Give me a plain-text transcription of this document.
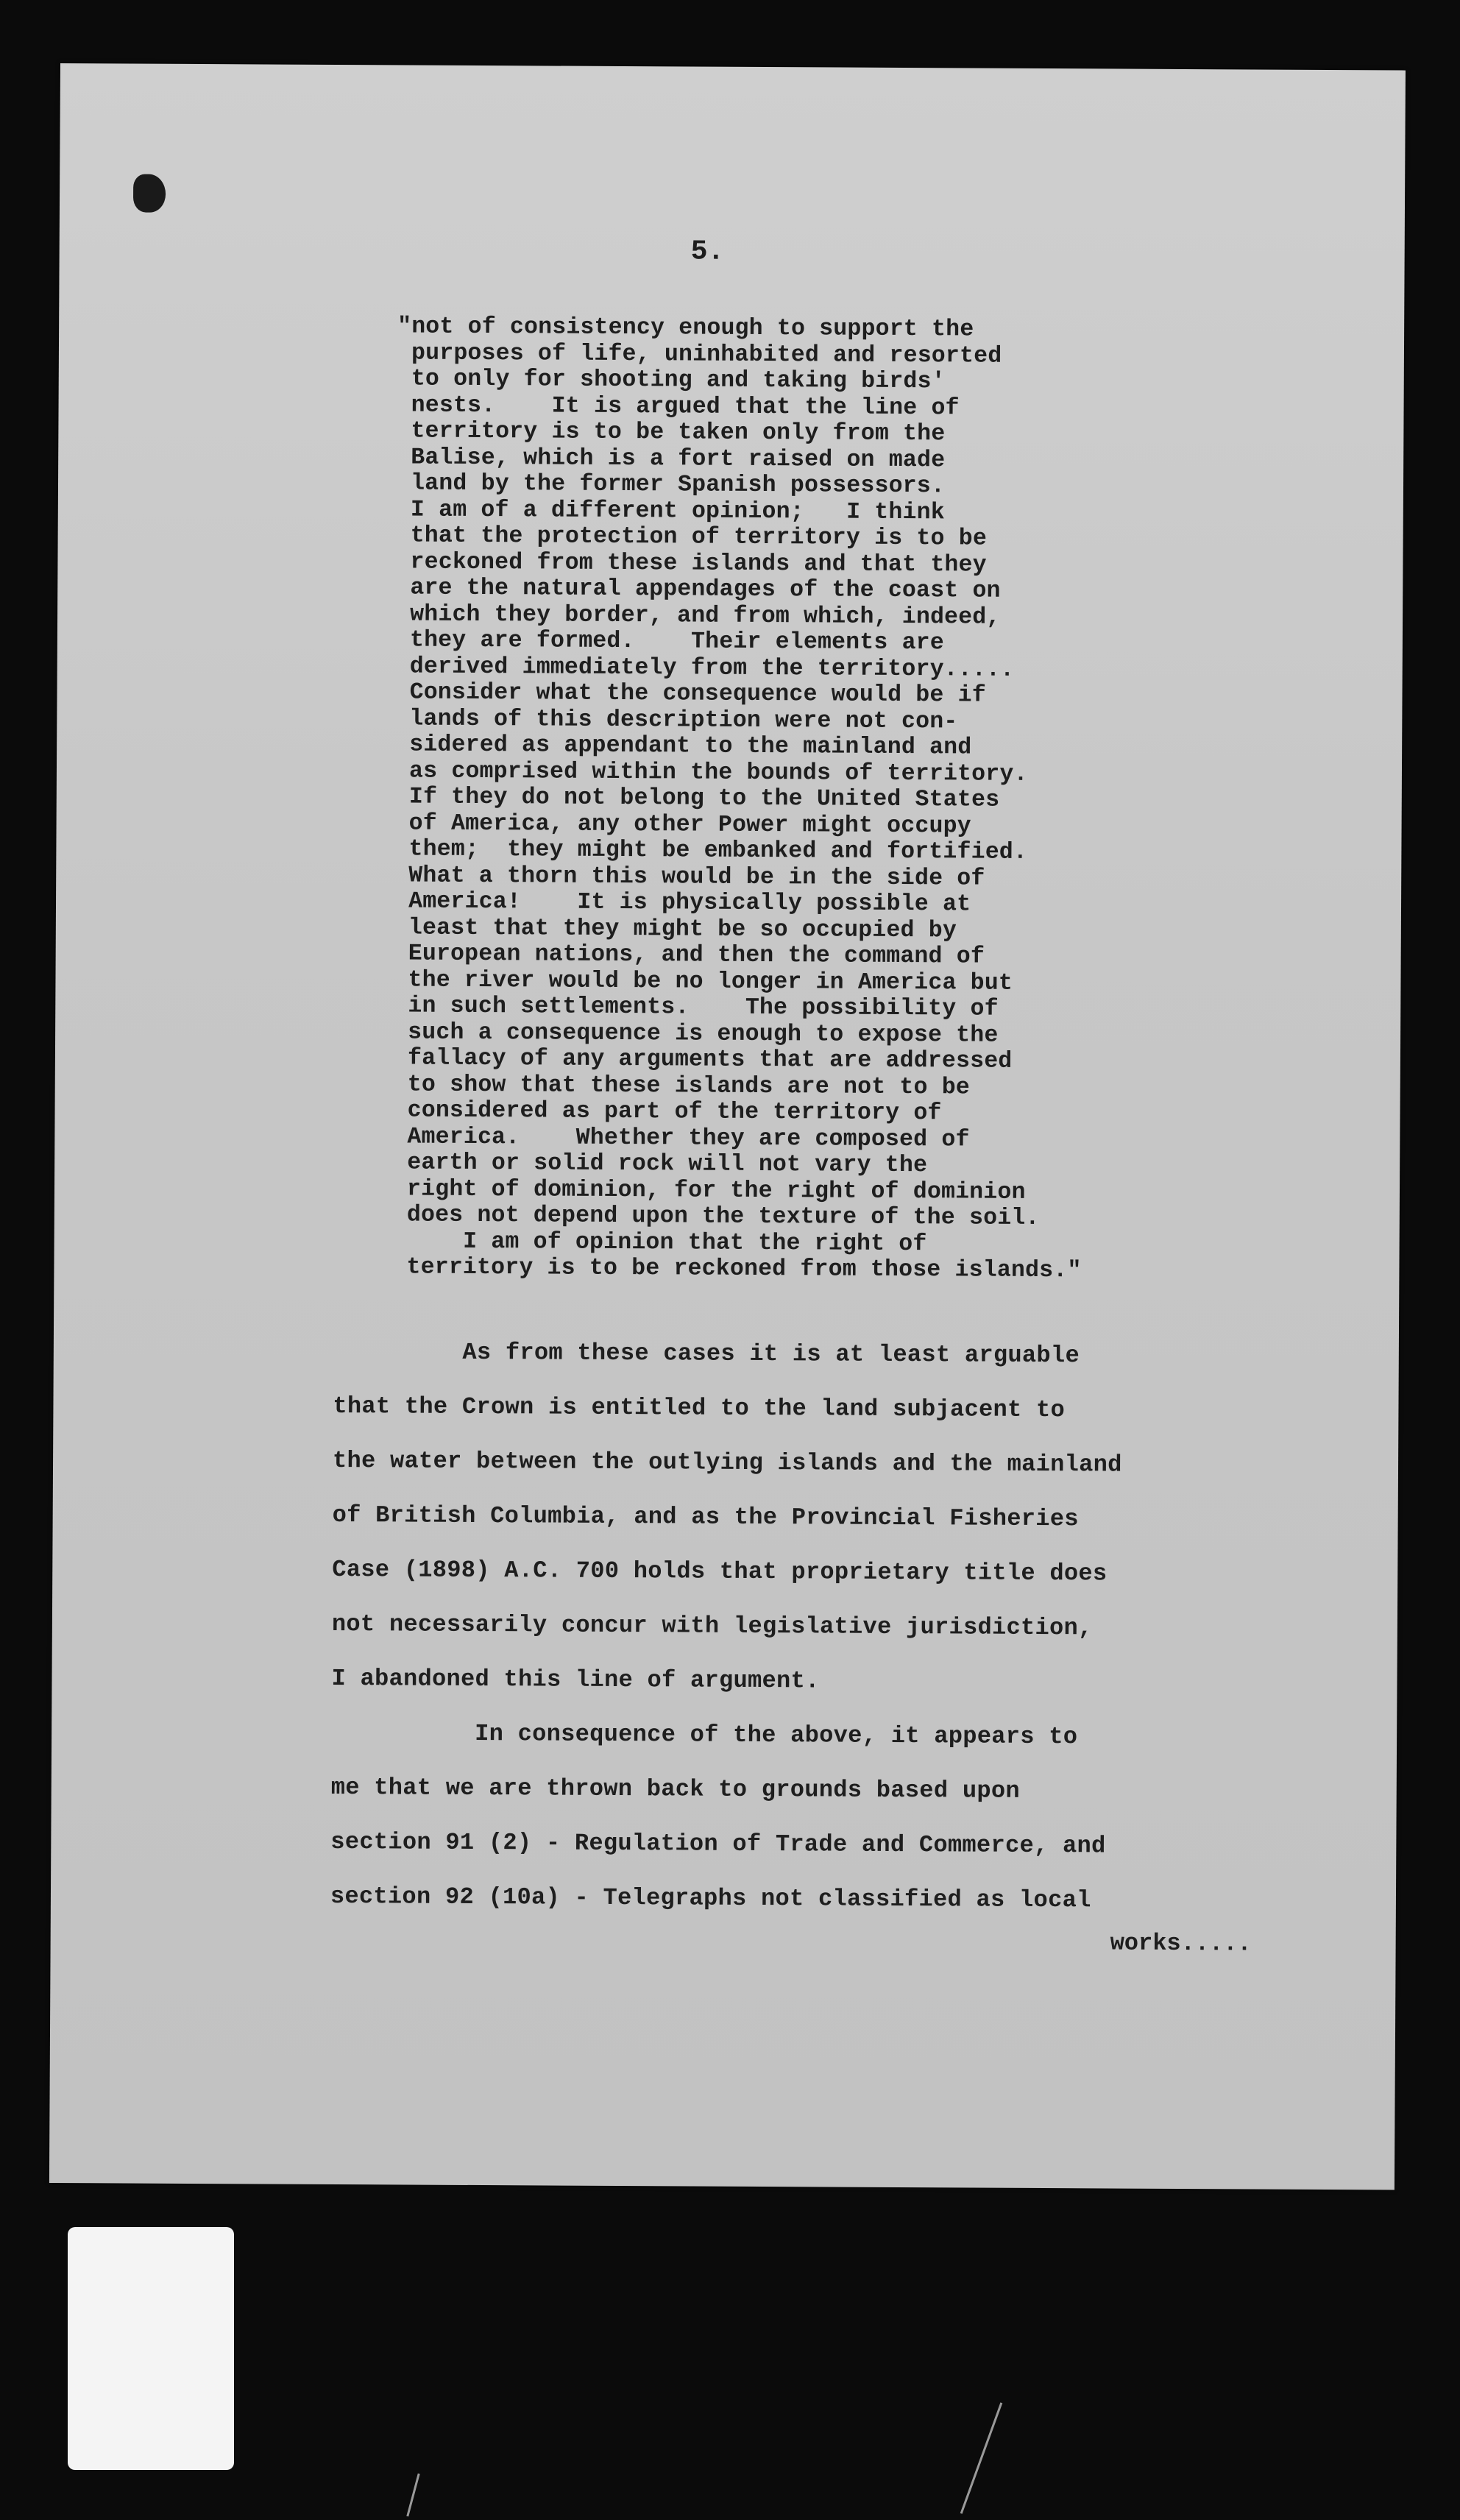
5.
"not of consistency enough to support the
purposes of life, uninhabited and resorted
to only for shooting and taking birds'
nests.    It is argued that the line of
territory is to be taken only from the
Balise, which is a fort raised on made
land by the former Spanish possessors.
I am of a different opinion;   I think
that the protection of territory is to be
reckoned from these islands and that they
are the natural appendages of the coast on
which they border, and from which, indeed,
they are formed.    Their elements are
derived immediately from the territory.....
Consider what the consequence would be if
lands of this description were not con-
sidered as appendant to the mainland and
as comprised within the bounds of territory.
If they do not belong to the United States
of America, any other Power might occupy
them;  they might be embanked and fortified.
What a thorn this would be in the side of
America!    It is physically possible at
least that they might be so occupied by
European nations, and then the command of
the river would be no longer in America but
in such settlements.    The possibility of
such a consequence is enough to expose the
fallacy of any arguments that are addressed
to show that these islands are not to be
considered as part of the territory of
America.    Whether they are composed of
earth or solid rock will not vary the
right of dominion, for the right of dominion
does not depend upon the texture of the soil.
I am of opinion that the right of
territory is to be reckoned from those islands."
As from these cases it is at least arguable
that the Crown is entitled to the land subjacent to
the water between the outlying islands and the mainland
of British Columbia, and as the Provincial Fisheries
Case (1898) A.C. 700 holds that proprietary title does
not necessarily concur with legislative jurisdiction,
I abandoned this line of argument.
In consequence of the above, it appears to
me that we are thrown back to grounds based upon
section 91 (2) - Regulation of Trade and Commerce, and
section 92 (10a) - Telegraphs not classified as local
works.....
